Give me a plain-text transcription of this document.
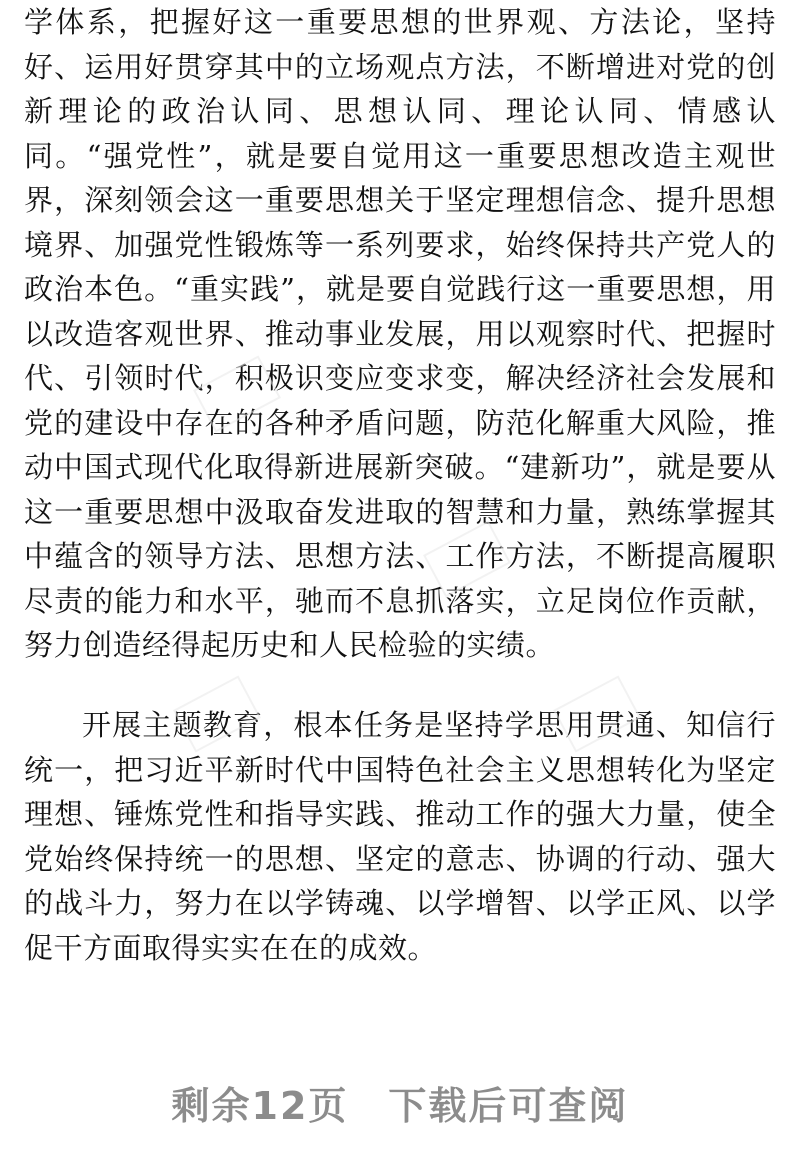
学体系，把握好这一重要思想的世界观、方法论，坚持好、运用好贯穿其中的立场观点方法，不断增进对党的创新理论的政治认同、思想认同、理论认同、情感认同。“强党性”，就是要自觉用这一重要思想改造主观世界，深刻领会这一重要思想关于坚定理想信念、提升思想境界、加强党性锻炼等一系列要求，始终保持共产党人的政治本色。“重实践”，就是要自觉践行这一重要思想，用以改造客观世界、推动事业发展，用以观察时代、把握时代、引领时代，积极识变应变求变，解决经济社会发展和党的建设中存在的各种矛盾问题，防范化解重大风险，推动中国式现代化取得新进展新突破。“建新功”，就是要从这一重要思想中汲取奋发进取的智慧和力量，熟练掌握其中蕴含的领导方法、思想方法、工作方法，不断提高履职尽责的能力和水平，驰而不息抓落实，立足岗位作贡献，努力创造经得起历史和人民检验的实绩。

开展主题教育，根本任务是坚持学思用贯通、知信行统一，把习近平新时代中国特色社会主义思想转化为坚定理想、锤炼党性和指导实践、推动工作的强大力量，使全党始终保持统一的思想、坚定的意志、协调的行动、强大的战斗力，努力在以学铸魂、以学增智、以学正风、以学促干方面取得实实在在的成效。

剩余12页　下载后可查阅
